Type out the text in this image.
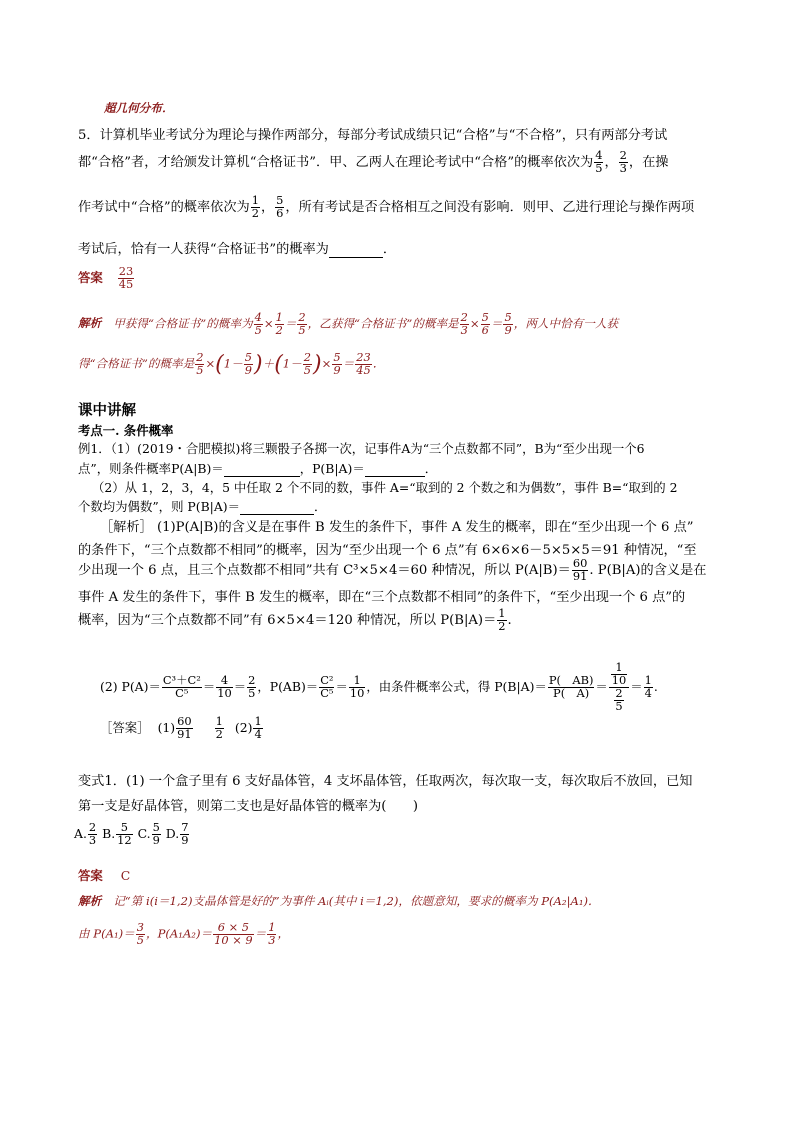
超几何分布．
5．计算机毕业考试分为理论与操作两部分，每部分考试成绩只记“合格”与“不合格”，只有两部分考试
都“合格”者，才给颁发计算机“合格证书”．甲、乙两人在理论考试中“合格”的概率依次为 $\frac{4}{5}$ ， $\frac{2}{3}$ ，在操
作考试中“合格”的概率依次为 $\frac{1}{2}$ ， $\frac{5}{6}$ ，所有考试是否合格相互之间没有影响．则甲、乙进行理论与操作两项
考试后，恰有一人获得“合格证书”的概率为	．
答案 $\frac{23}{45}$
解析 甲获得“合格证书”的概率为 $\frac{4}{5} \times \frac{1}{2} = \frac{2}{5}$ ，乙获得“合格证书”的概率是 $\frac{2}{3} \times \frac{5}{6} = \frac{5}{9}$ ，两人中恰有一人获
得“合格证书”的概率是 $\frac{2}{5} \times(1- \frac{5}{9} )+(1- \frac{2}{5}$ )× $\frac{5}{9} = \frac{23}{45}$ ．
课中讲解
考点一. 条件概率
例1．（1）(2019・合肥模拟)将三颗骰子各掷一次，记事件A为“三个点数都不同”，B为“至少出现一个6
点”，则条件概率P(A|B)＝	，P(B|A)＝	．
（2）从 1，2，3，4，5 中任取 2 个不同的数，事件 A=“取到的 2 个数之和为偶数”，事件 B=“取到的 2
个数均为偶数”，则 P(B|A)＝	．
［解析］ (1)P(A|B)的含义是在事件 B 发生的条件下，事件 A 发生的概率，即在“至少出现一个 6 点”
的条件下，“三个点数都不相同”的概率，因为“至少出现一个 6 点”有 6×6×6－5×5×5＝91 种情况，“至
少出现一个 6 点，且三个点数都不相同”共有 C³×5×4＝60 种情况，所以 $P(A|B)= \frac{60}{91}$ . P(B|A)的含义是在
事件 A 发生的条件下，事件 B 发生的概率，即在“三个点数都不相同”的条件下，“至少出现一个 6 点”的
概率，因为“三个点数都不同”有 6×5×4＝120 种情况，所以 $P(B|A)= \frac{1}{2}$ .
(2) $P(A)= \frac{\text{C³＋C²}}{\text{C⁵}} = \frac{4}{10} = \frac{2}{5}$ ，$P(AB)= \frac{\text{C²}}{\text{C⁵}} = \frac{1}{10}$ ，由条件概率公式，得 $P(B|A)= \frac{P( AB)}{P( A)} = \frac{\frac{1}{10}}{\frac{2}{5}} = \frac{1}{4}$ .
［答案］ $(1) \frac{60}{91} \frac{1}{2} (2) \frac{1}{4}$
变式1．(1) 一个盒子里有 6 支好晶体管，4 支坏晶体管，任取两次，每次取一支，每次取后不放回，已知
第一支是好晶体管，则第二支也是好晶体管的概率为(　　)
A. $\frac{2}{3} B$. $\frac{5}{12} C$. $\frac{5}{9} D$. $\frac{7}{9}$
答案 C
解析 记“第 i(i＝1,2)支晶体管是好的”为事件 Aᵢ(其中 i＝1,2)，依题意知，要求的概率为 P(A₂|A₁)．
由 $P(A_1)= \frac{3}{5}$ ，$P(A_1A_2)= \frac{6 \times 5}{10 \times 9} = \frac{1}{3}$ ，
